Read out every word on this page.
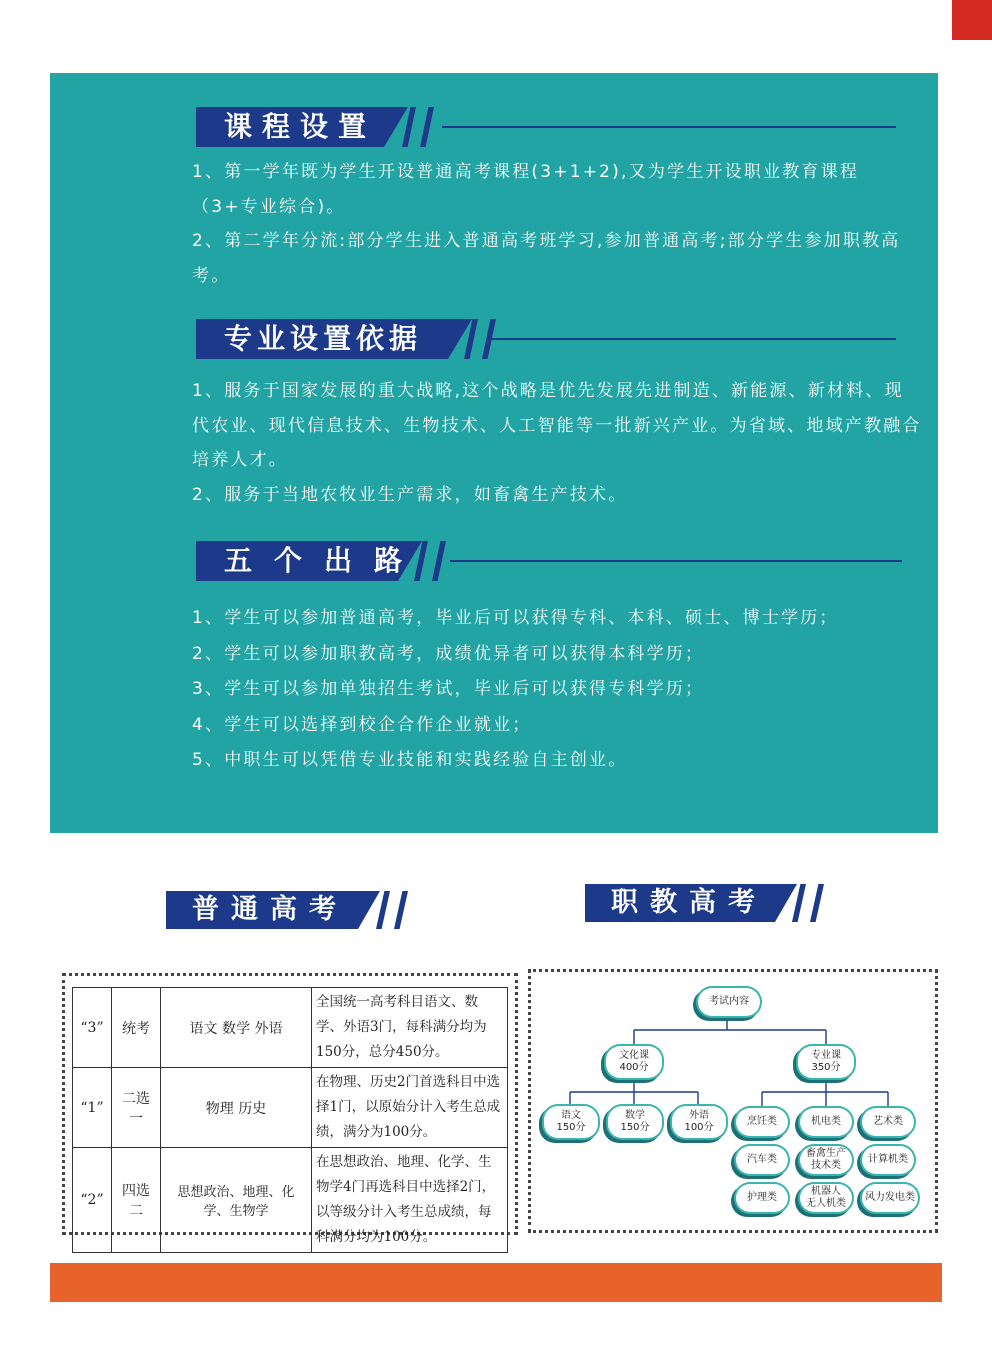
课程设置

1、第一学年既为学生开设普通高考课程(3+1+2),又为学生开设职业教育课程（3+专业综合)。

2、第二学年分流:部分学生进入普通高考班学习,参加普通高考;部分学生参加职教高考。

专业设置依据

1、服务于国家发展的重大战略,这个战略是优先发展先进制造、新能源、新材料、现代农业、现代信息技术、生物技术、人工智能等一批新兴产业。为省域、地域产教融合培养人才。

2、服务于当地农牧业生产需求，如畜禽生产技术。

五个出路

1、学生可以参加普通高考，毕业后可以获得专科、本科、硕士、博士学历；

2、学生可以参加职教高考，成绩优异者可以获得本科学历；

3、学生可以参加单独招生考试，毕业后可以获得专科学历；

4、学生可以选择到校企合作企业就业；

5、中职生可以凭借专业技能和实践经验自主创业。

普通高考	职教高考
“3”	统考	语文 数学 外语	全国统一高考科目语文、数学、外语3门，每科满分均为150分，总分450分。
“1”	二选一	物理 历史	在物理、历史2门首选科目中选择1门，以原始分计入考生总成绩，满分为100分。
“2”	四选二	思想政治、地理、化学、生物学	在思想政治、地理、化学、生物学4门再选科目中选择2门，以等级分计入考生总成绩，每科满分均为100分。
考试内容
文化课
400分
专业课
350分
语文
150分
数学
150分
外语
100分
烹饪类	机电类	艺术类
汽车类
畜禽生产
技术类
计算机类
护理类
机器人
无人机类
风力发电类
